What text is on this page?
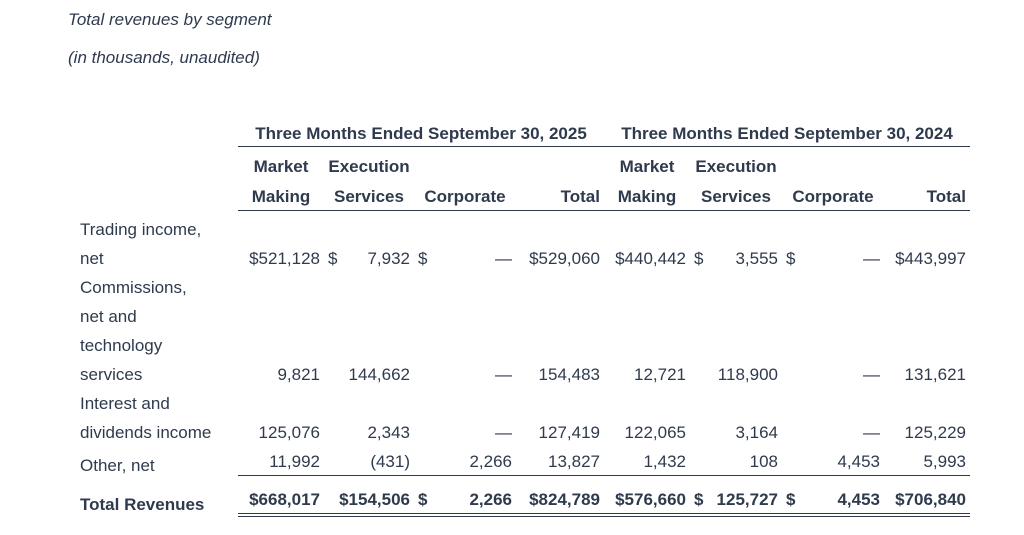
Total revenues by segment
(in thousands, unaudited)
	Three Months Ended September 30, 2025						Three Months Ended September 30, 2024					
	Market	Execution					Market	Execution				
	Making	Services		Corporate		Total	Making	Services		Corporate		Total
Trading income,												
net	$521,128	$	7,932	$	—	$529,060	$440,442	$	3,555	$	—	$443,997
Commissions,												
net and												
technology												
services	9,821	144,662		—		154,483	12,721	118,900		—		131,621
Interest and												
dividends income	125,076	2,343		—		127,419	122,065	3,164		—		125,229
Other, net	11,992	(431)		2,266		13,827	1,432	108		4,453		5,993
Total Revenues	$668,017	$154,506		$	2,266	$824,789	$576,660	$	125,727	$	4,453	$706,840
